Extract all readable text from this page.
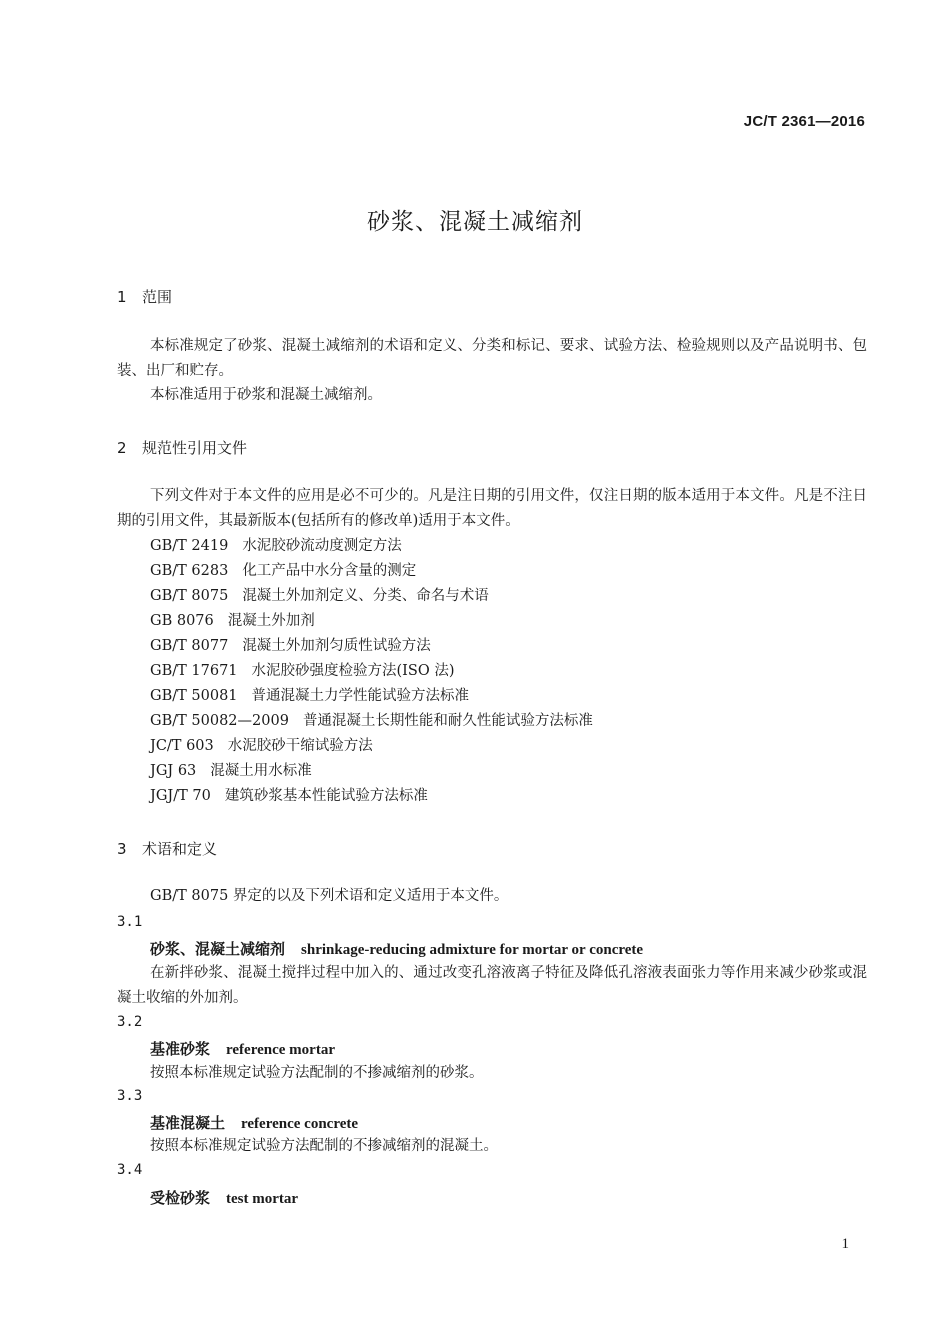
JC/T 2361—2016
砂浆、混凝土减缩剂
1 范围
本标准规定了砂浆、混凝土减缩剂的术语和定义、分类和标记、要求、试验方法、检验规则以及产品说明书、包装、出厂和贮存。
本标准适用于砂浆和混凝土减缩剂。
2 规范性引用文件
下列文件对于本文件的应用是必不可少的。凡是注日期的引用文件，仅注日期的版本适用于本文件。凡是不注日期的引用文件，其最新版本(包括所有的修改单)适用于本文件。
GB/T 2419 水泥胶砂流动度测定方法
GB/T 6283 化工产品中水分含量的测定
GB/T 8075 混凝土外加剂定义、分类、命名与术语
GB 8076 混凝土外加剂
GB/T 8077 混凝土外加剂匀质性试验方法
GB/T 17671 水泥胶砂强度检验方法(ISO 法)
GB/T 50081 普通混凝土力学性能试验方法标准
GB/T 50082—2009 普通混凝土长期性能和耐久性能试验方法标准
JC/T 603 水泥胶砂干缩试验方法
JGJ 63 混凝土用水标准
JGJ/T 70 建筑砂浆基本性能试验方法标准
3 术语和定义
GB/T 8075 界定的以及下列术语和定义适用于本文件。
3.1
砂浆、混凝土减缩剂 shrinkage-reducing admixture for mortar or concrete
在新拌砂浆、混凝土搅拌过程中加入的、通过改变孔溶液离子特征及降低孔溶液表面张力等作用来减少砂浆或混凝土收缩的外加剂。
3.2
基准砂浆 reference mortar
按照本标准规定试验方法配制的不掺减缩剂的砂浆。
3.3
基准混凝土 reference concrete
按照本标准规定试验方法配制的不掺减缩剂的混凝土。
3.4
受检砂浆 test mortar
1
